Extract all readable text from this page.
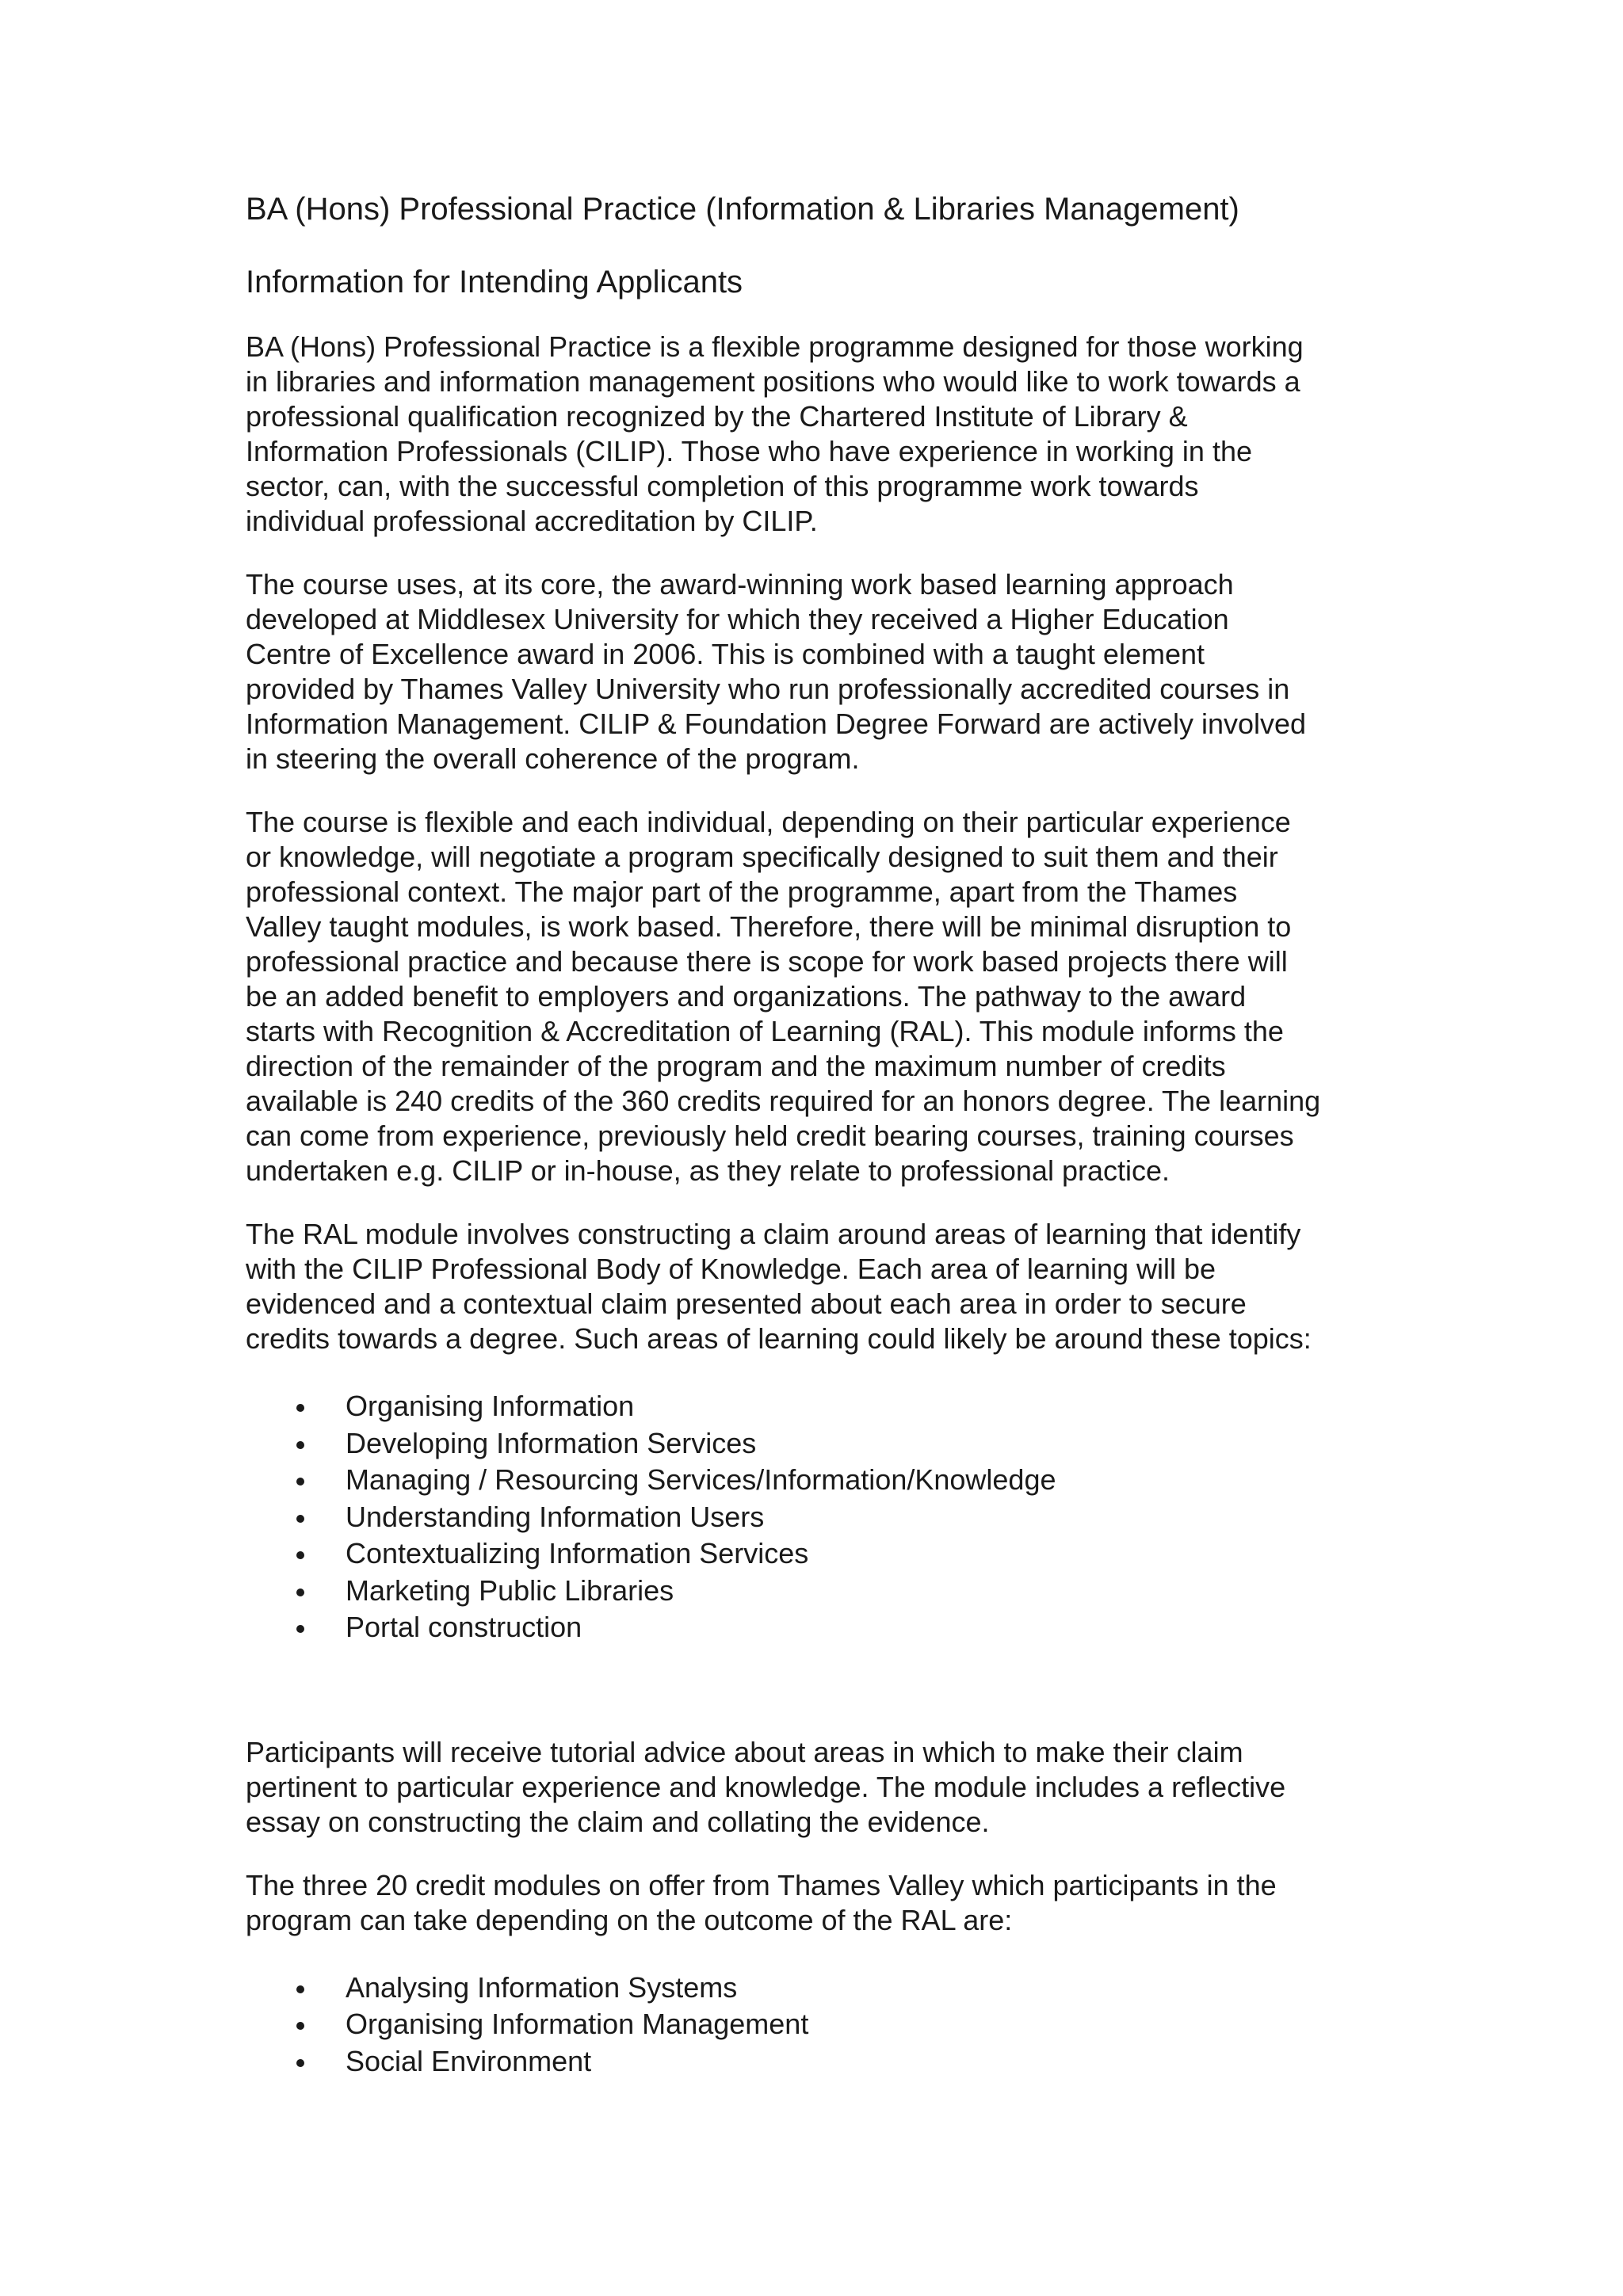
BA (Hons) Professional Practice (Information & Libraries Management)
Information for Intending Applicants

BA (Hons) Professional Practice is a flexible programme designed for those working
in libraries and information management positions who would like to work towards a
professional qualification recognized by the Chartered Institute of Library &
Information Professionals (CILIP). Those who have experience in working in the
sector, can, with the successful completion of this programme work towards
individual professional accreditation by CILIP.

The course uses, at its core, the award-winning work based learning approach
developed at Middlesex University for which they received a Higher Education
Centre of Excellence award in 2006. This is combined with a taught element
provided by Thames Valley University who run professionally accredited courses in
Information Management. CILIP & Foundation Degree Forward are actively involved
in steering the overall coherence of the program.

The course is flexible and each individual, depending on their particular experience
or knowledge, will negotiate a program specifically designed to suit them and their
professional context. The major part of the programme, apart from the Thames
Valley taught modules, is work based. Therefore, there will be minimal disruption to
professional practice and because there is scope for work based projects there will
be an added benefit to employers and organizations. The pathway to the award
starts with Recognition & Accreditation of Learning (RAL). This module informs the
direction of the remainder of the program and the maximum number of credits
available is 240 credits of the 360 credits required for an honors degree. The learning
can come from experience, previously held credit bearing courses, training courses
undertaken e.g. CILIP or in-house, as they relate to professional practice.

The RAL module involves constructing a claim around areas of learning that identify
with the CILIP Professional Body of Knowledge. Each area of learning will be
evidenced and a contextual claim presented about each area in order to secure
credits towards a degree. Such areas of learning could likely be around these topics:

Organising Information
Developing Information Services
Managing / Resourcing Services/Information/Knowledge
Understanding Information Users
Contextualizing Information Services
Marketing Public Libraries
Portal construction

Participants will receive tutorial advice about areas in which to make their claim
pertinent to particular experience and knowledge. The module includes a reflective
essay on constructing the claim and collating the evidence.

The three 20 credit modules on offer from Thames Valley which participants in the
program can take depending on the outcome of the RAL are:

Analysing Information Systems
Organising Information Management
Social Environment
